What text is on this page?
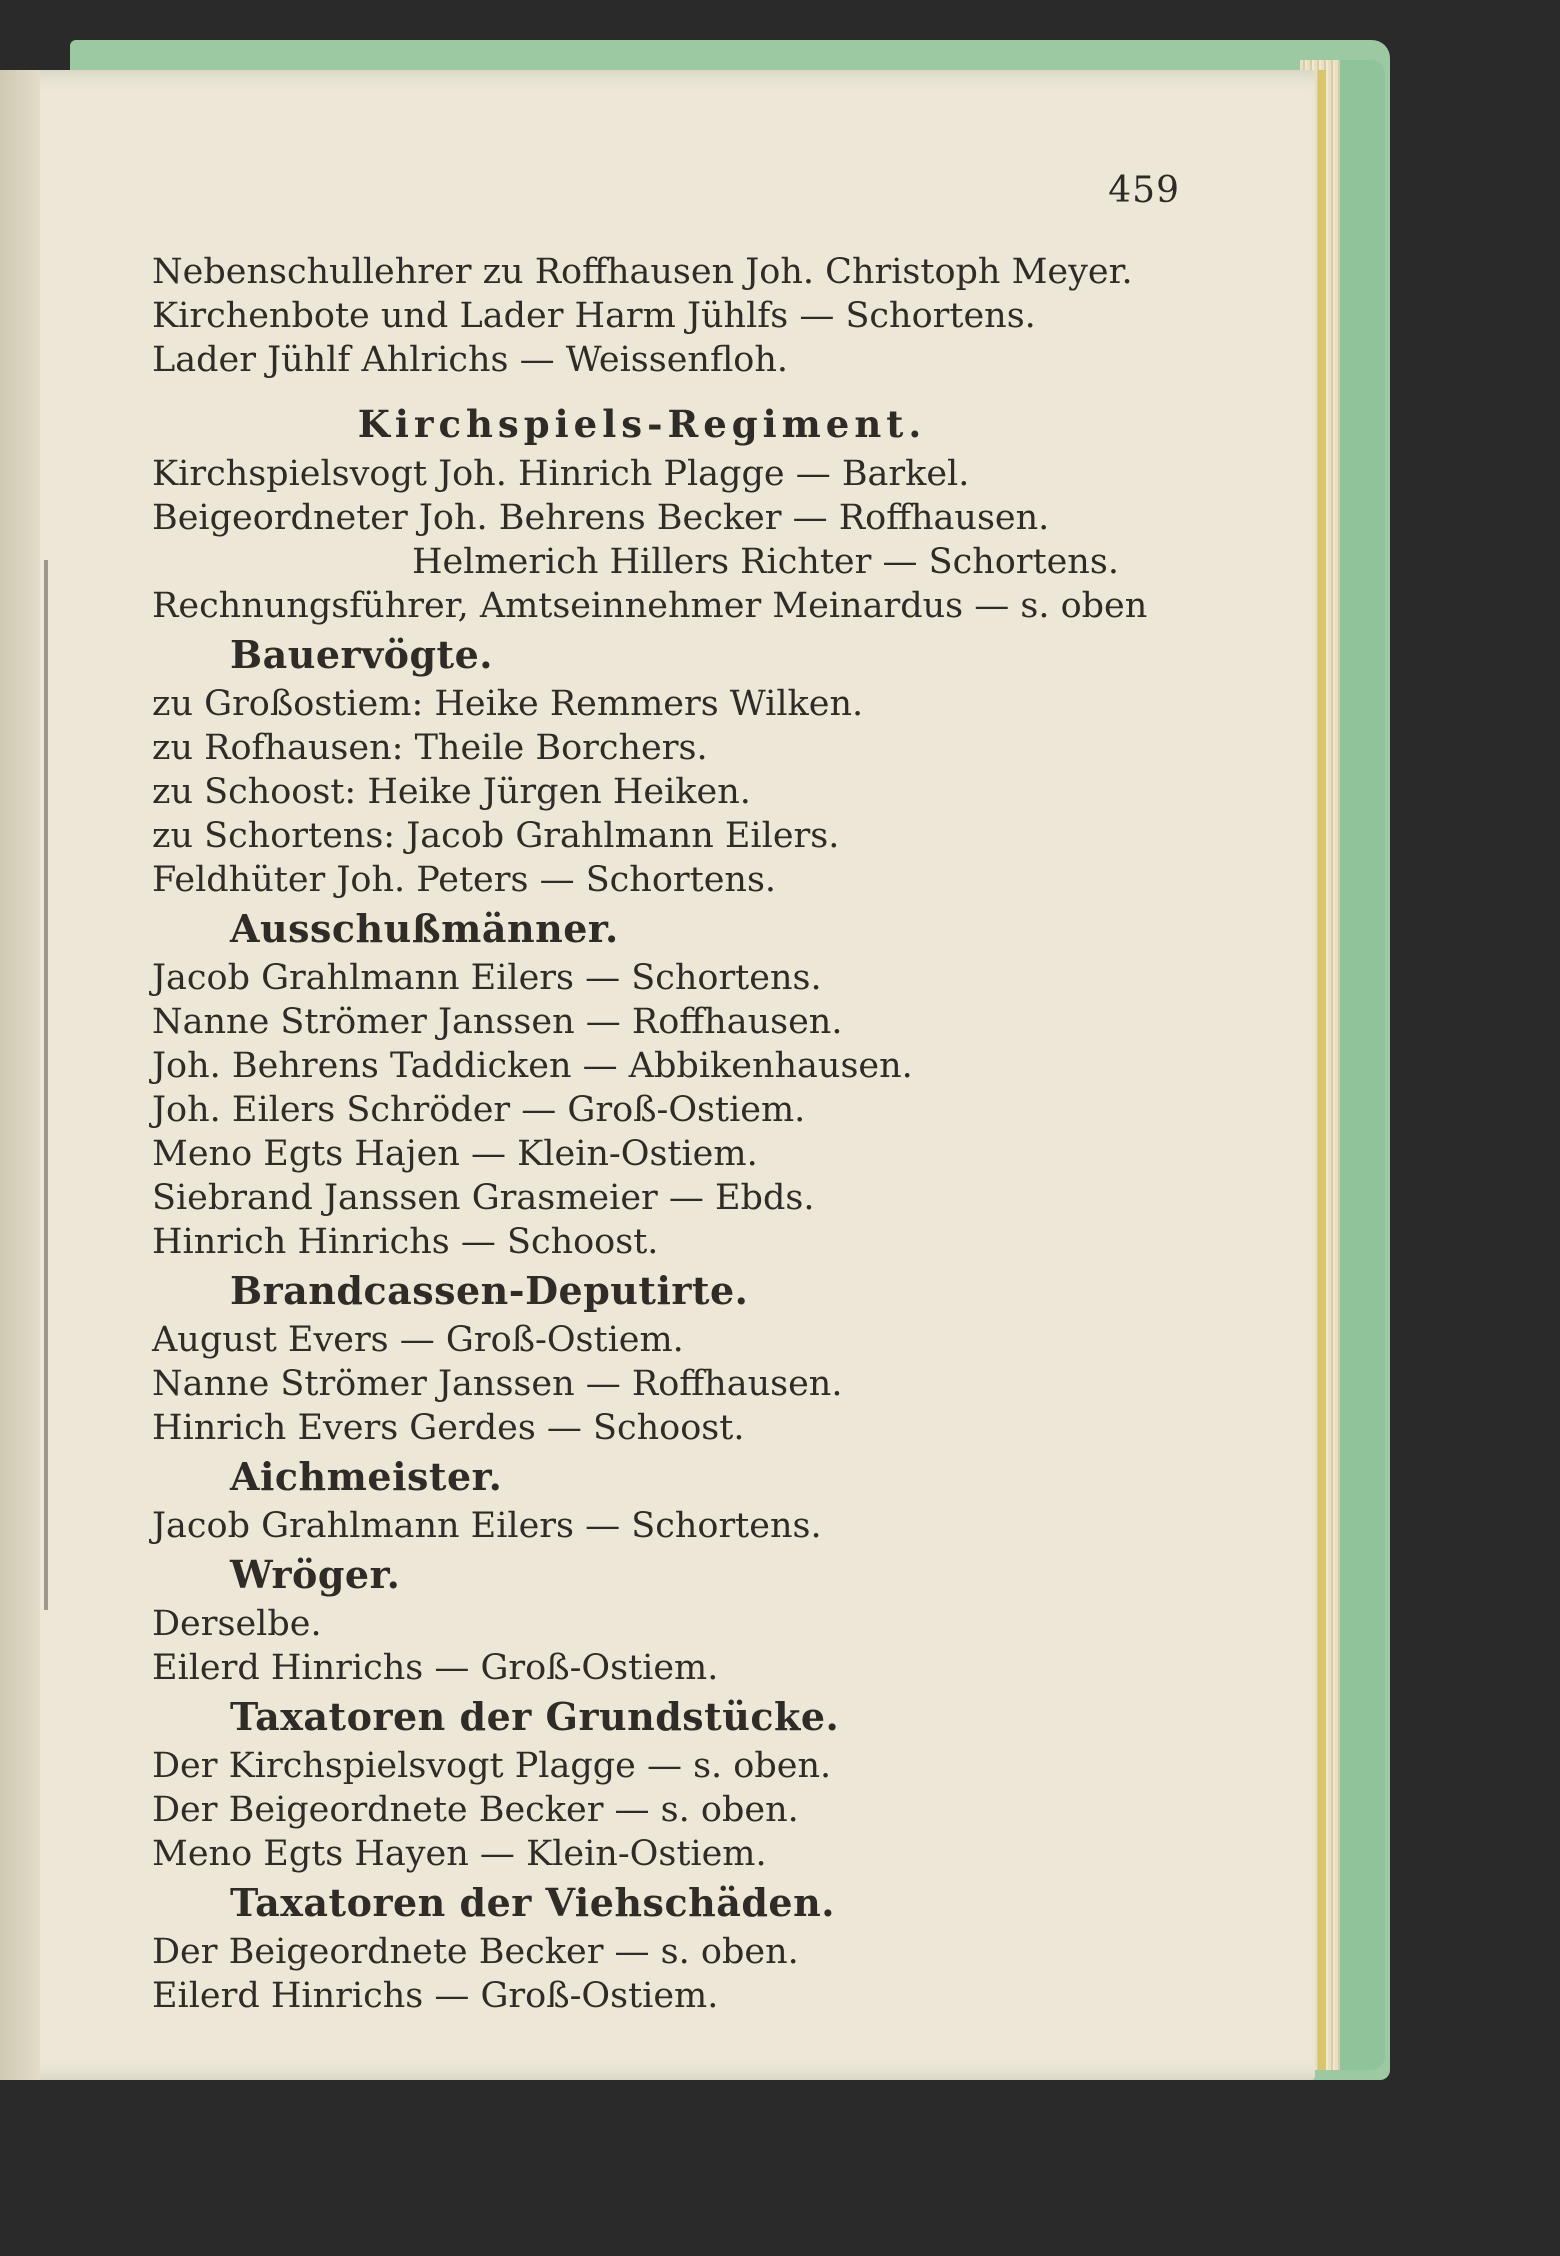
459
Nebenschullehrer zu Roffhausen Joh. Christoph Meyer.
Kirchenbote und Lader Harm Jühlfs — Schortens.
Lader Jühlf Ahlrichs — Weissenfloh.
Kirchspiels-Regiment.
Kirchspielsvogt Joh. Hinrich Plagge — Barkel.
Beigeordneter Joh. Behrens Becker — Roffhausen.
Helmerich Hillers Richter — Schortens.
Rechnungsführer, Amtseinnehmer Meinardus — s. oben
Bauervögte.
zu Großostiem: Heike Remmers Wilken.
zu Rofhausen: Theile Borchers.
zu Schoost: Heike Jürgen Heiken.
zu Schortens: Jacob Grahlmann Eilers.
Feldhüter Joh. Peters — Schortens.
Ausschußmänner.
Jacob Grahlmann Eilers — Schortens.
Nanne Strömer Janssen — Roffhausen.
Joh. Behrens Taddicken — Abbikenhausen.
Joh. Eilers Schröder — Groß-Ostiem.
Meno Egts Hajen — Klein-Ostiem.
Siebrand Janssen Grasmeier — Ebds.
Hinrich Hinrichs — Schoost.
Brandcassen-Deputirte.
August Evers — Groß-Ostiem.
Nanne Strömer Janssen — Roffhausen.
Hinrich Evers Gerdes — Schoost.
Aichmeister.
Jacob Grahlmann Eilers — Schortens.
Wröger.
Derselbe.
Eilerd Hinrichs — Groß-Ostiem.
Taxatoren der Grundstücke.
Der Kirchspielsvogt Plagge — s. oben.
Der Beigeordnete Becker — s. oben.
Meno Egts Hayen — Klein-Ostiem.
Taxatoren der Viehschäden.
Der Beigeordnete Becker — s. oben.
Eilerd Hinrichs — Groß-Ostiem.
